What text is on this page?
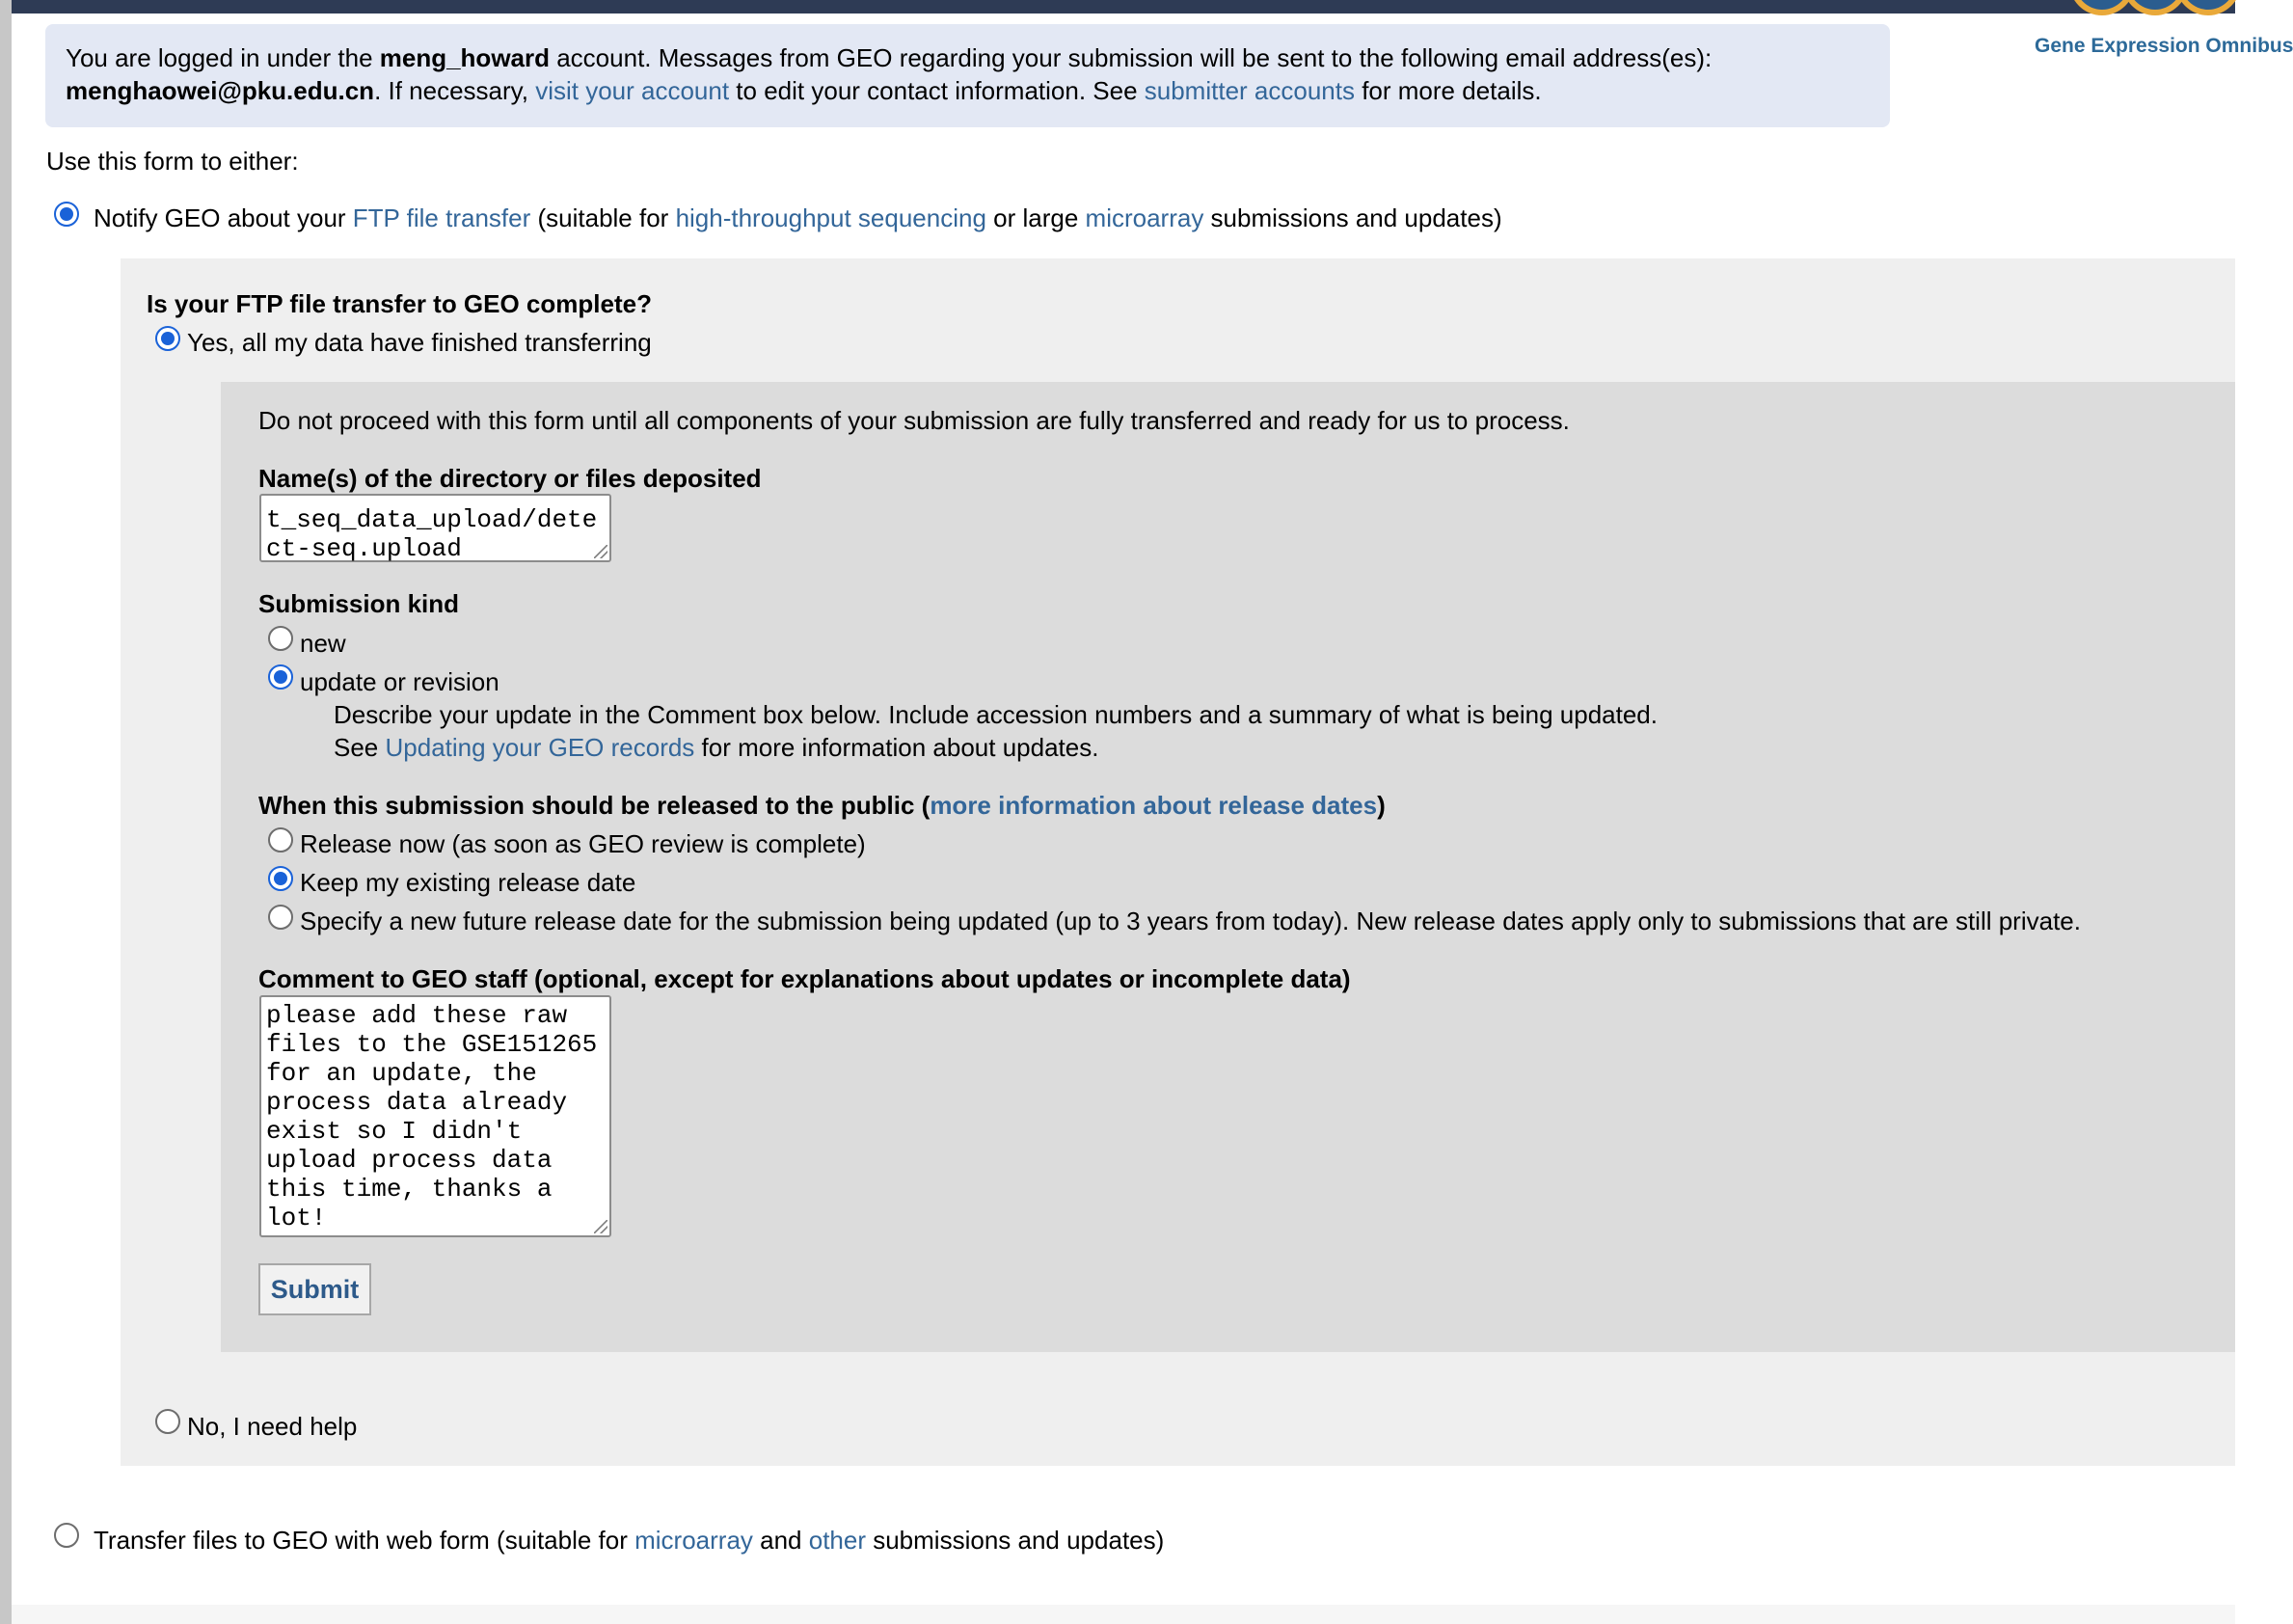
Gene Expression Omnibus
You are logged in under the meng_howard account. Messages from GEO regarding your submission will be sent to the following email address(es):
menghaowei@pku.edu.cn. If necessary, visit your account to edit your contact information. See submitter accounts for more details.
Use this form to either:
Notify GEO about your FTP file transfer (suitable for high-throughput sequencing or large microarray submissions and updates)
Is your FTP file transfer to GEO complete?
Yes, all my data have finished transferring
Do not proceed with this form until all components of your submission are fully transferred and ready for us to process.
Name(s) of the directory or files deposited
t_seq_data_upload/detect-seq.upload
Submission kind
new
update or revision
Describe your update in the Comment box below. Include accession numbers and a summary of what is being updated.
See Updating your GEO records for more information about updates.
When this submission should be released to the public (more information about release dates)
Release now (as soon as GEO review is complete)
Keep my existing release date
Specify a new future release date for the submission being updated (up to 3 years from today). New release dates apply only to submissions that are still private.
Comment to GEO staff (optional, except for explanations about updates or incomplete data)
please add these raw files to the GSE151265 for an update, the process data already exist so I didn't upload process data this time, thanks a lot!
Submit
No, I need help
Transfer files to GEO with web form (suitable for microarray and other submissions and updates)
